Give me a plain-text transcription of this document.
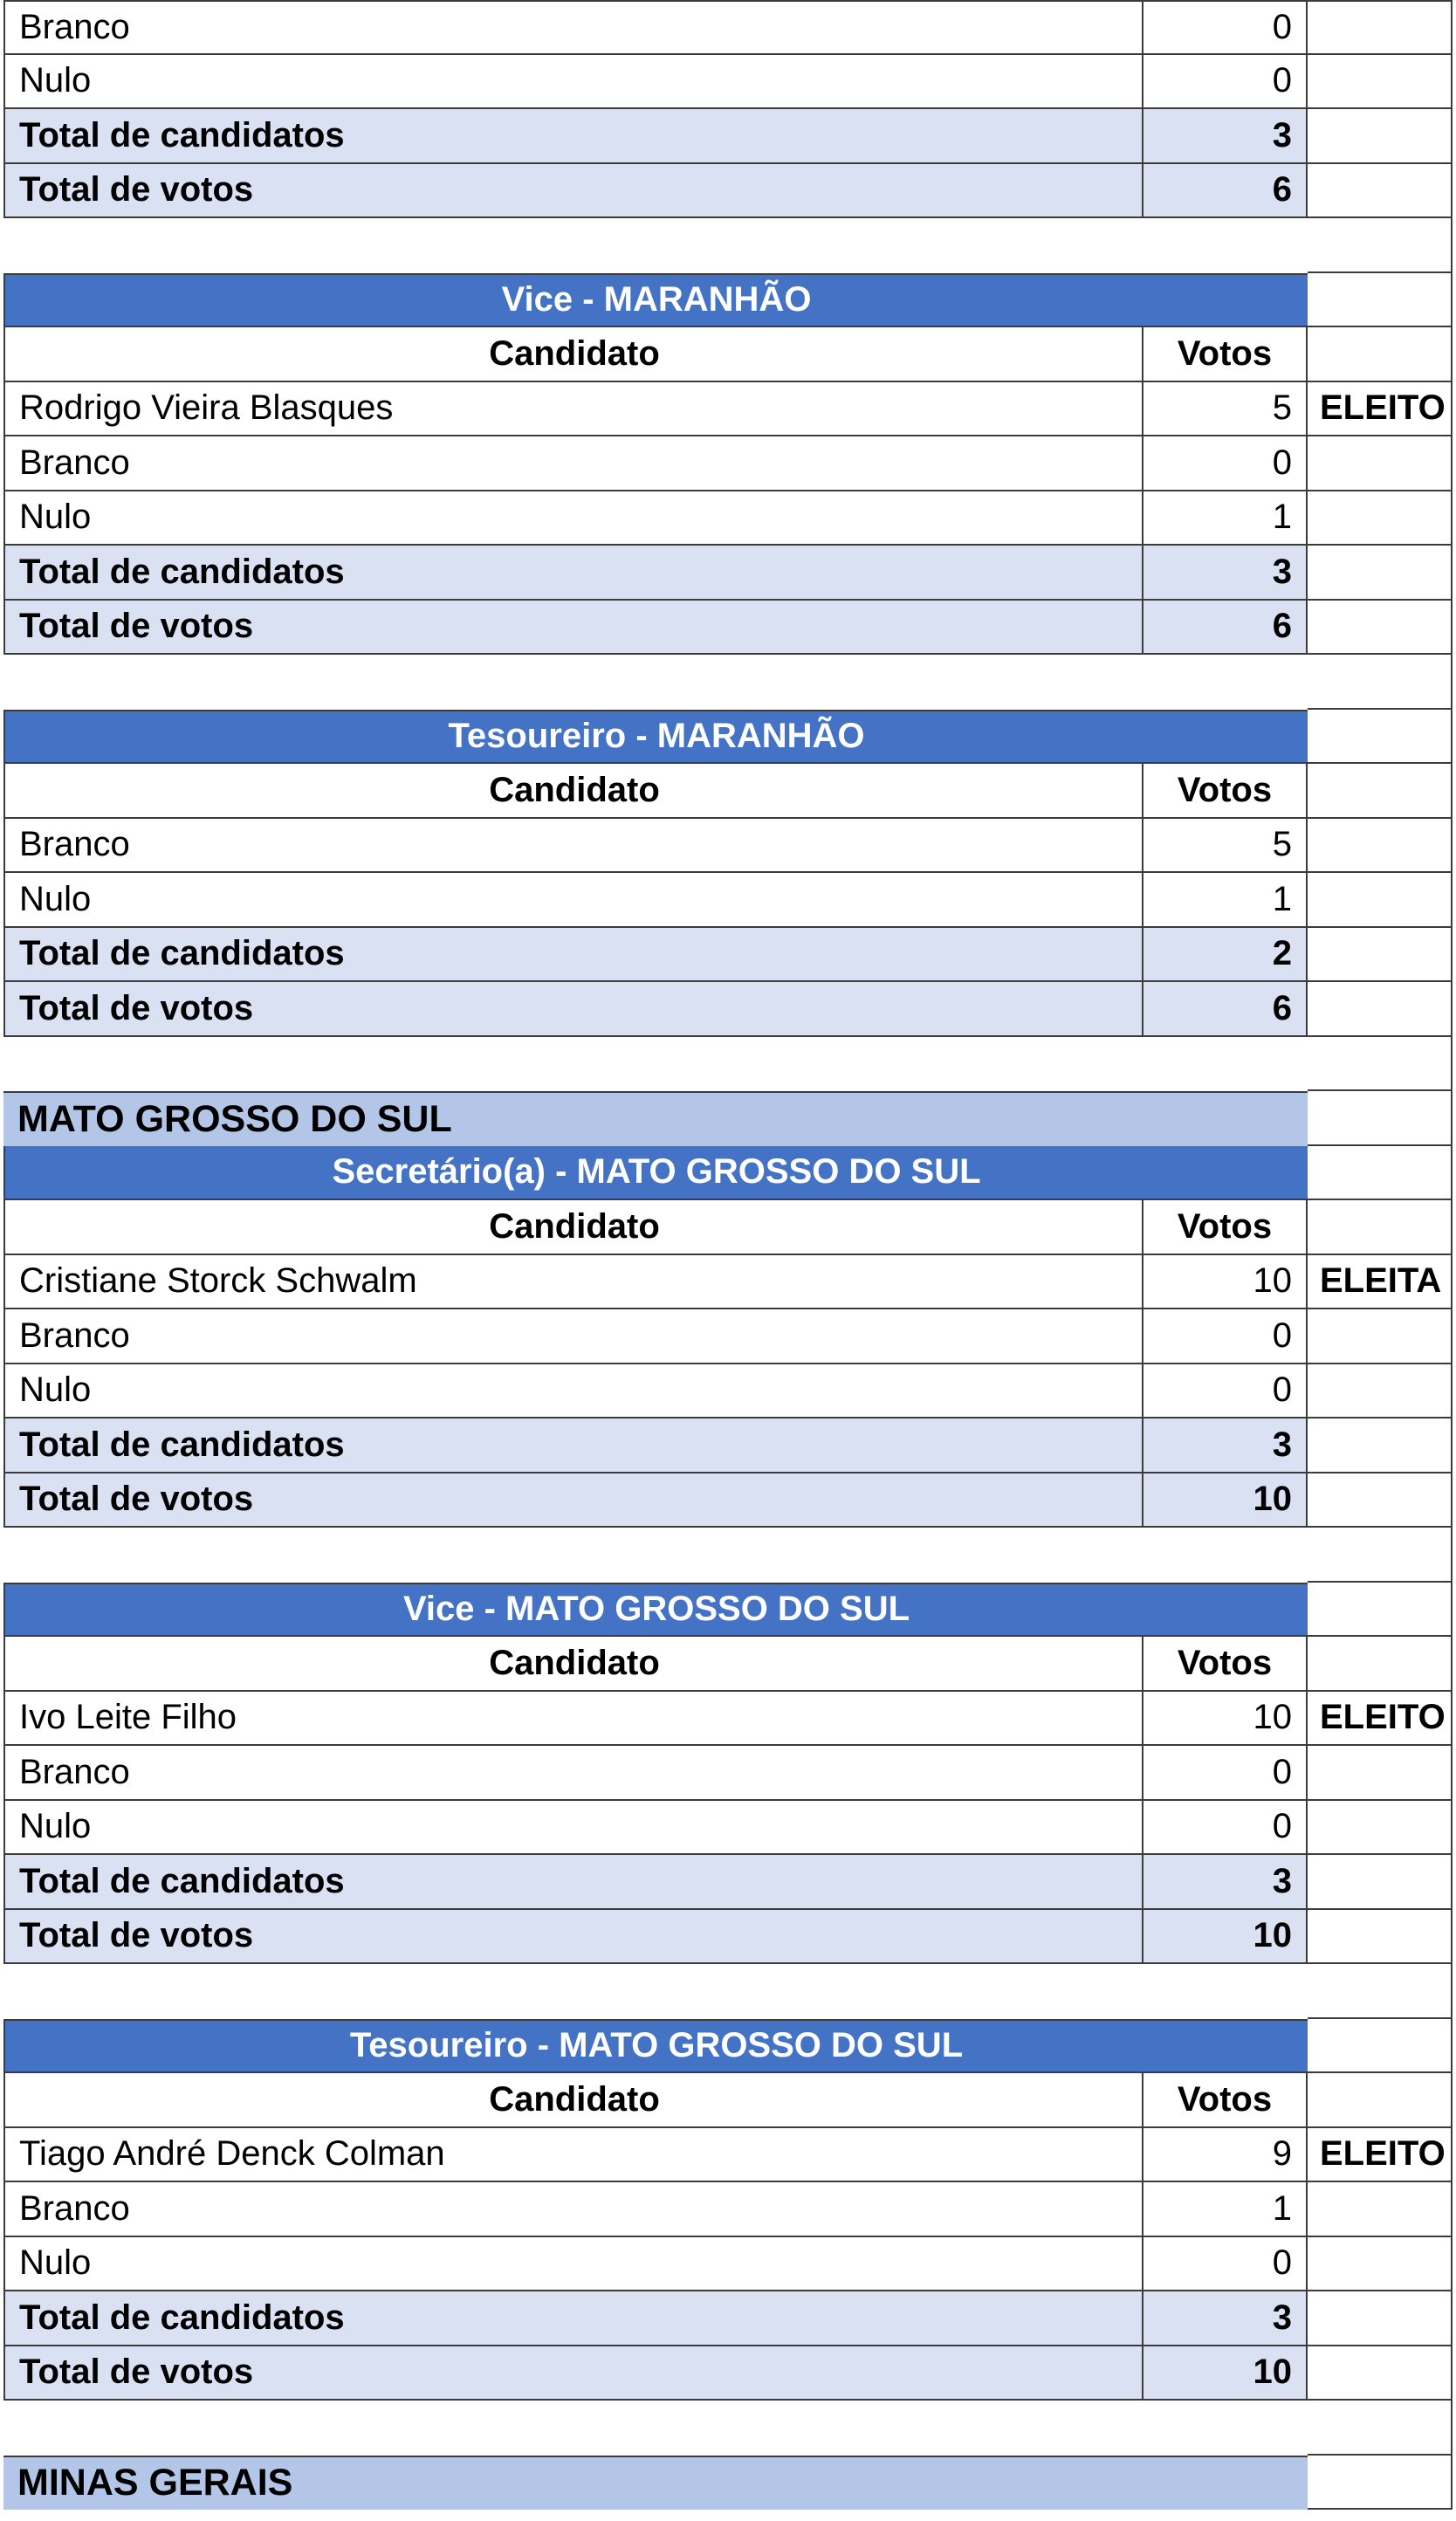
Branco	0
Nulo	0
Total de candidatos	3
Total de votos	6
Vice - MARANHÃO
Candidato	Votos
Rodrigo Vieira Blasques	5 ELEITO
Branco	0
Nulo	1
Total de candidatos	3
Total de votos	6
Tesoureiro - MARANHÃO
Candidato	Votos
Branco	5
Nulo	1
Total de candidatos	2
Total de votos	6
MATO GROSSO DO SUL
Secretário(a) - MATO GROSSO DO SUL
Candidato	Votos
Cristiane Storck Schwalm	10 ELEITA
Branco	0
Nulo	0
Total de candidatos	3
Total de votos	10
Vice - MATO GROSSO DO SUL
Candidato	Votos
Ivo Leite Filho	10 ELEITO
Branco	0
Nulo	0
Total de candidatos	3
Total de votos	10
Tesoureiro - MATO GROSSO DO SUL
Candidato	Votos
Tiago André Denck Colman	9 ELEITO
Branco	1
Nulo	0
Total de candidatos	3
Total de votos	10
MINAS GERAIS
